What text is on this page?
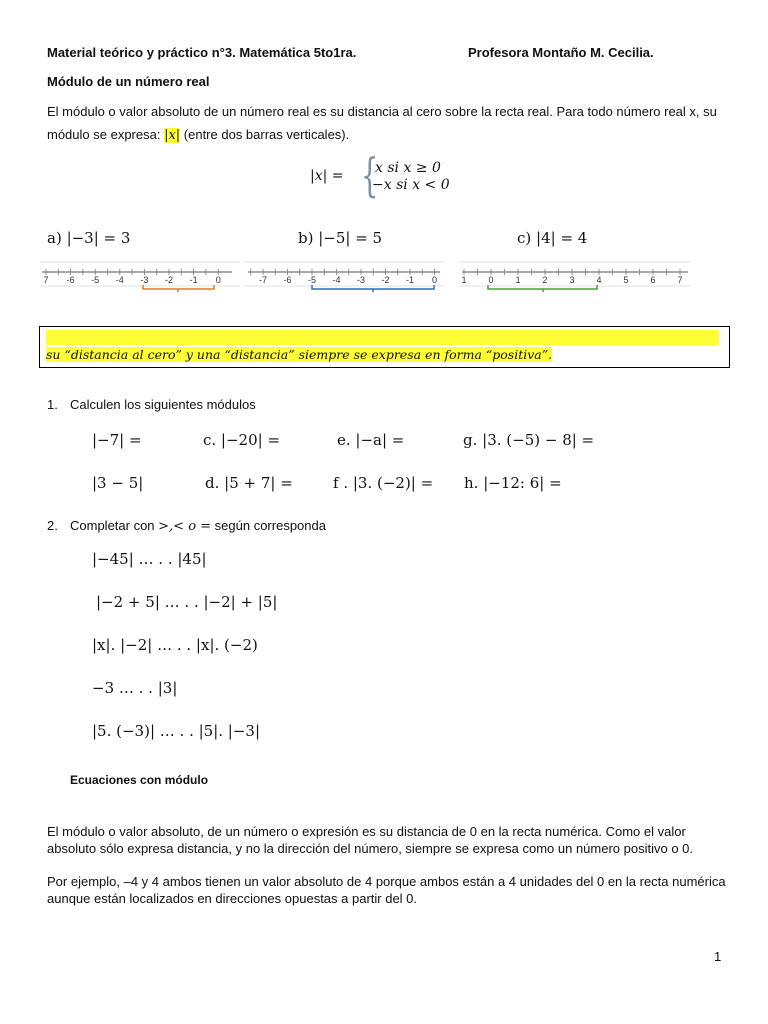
Material teórico y práctico n°3. Matemática 5to1ra.	Profesora Montaño M. Cecilia.
Módulo de un número real
El módulo o valor absoluto de un número real es su distancia al cero sobre la recta real. Para todo número real x, su
módulo se expresa: |x| (entre dos barras verticales).
|x| = {
x si x ≥ 0
−x si x < 0
a) |−3| = 3	b) |−5| = 5	c) |4| = 4
7 -6 -5 -4 -3 -2 -1 0	-7 -6 -5 -4 -3 -2 -1 0	1 0 1 2 3 4 5 6 7
su “distancia al cero” y una “distancia” siempre se expresa en forma “positiva”.
1. Calculen los siguientes módulos
|−7| =	c. |−20| =	e. |−a| =	g. |3. (−5) − 8| =
|3 − 5|	d. |5 + 7| =	f . |3. (−2)| = h. |−12: 6| =
2. Completar con >,< o = según corresponda
|−45| … . . |45|
|−2 + 5| … . . |−2| + |5|
|x|. |−2| … . . |x|. (−2)
−3 … . . |3|
|5. (−3)| … . . |5|. |−3|
Ecuaciones con módulo
El módulo o valor absoluto, de un número o expresión es su distancia de 0 en la recta numérica. Como el valor
absoluto sólo expresa distancia, y no la dirección del número, siempre se expresa como un número positivo o 0.
Por ejemplo, –4 y 4 ambos tienen un valor absoluto de 4 porque ambos están a 4 unidades del 0 en la recta numérica
aunque están localizados en direcciones opuestas a partir del 0.
1
